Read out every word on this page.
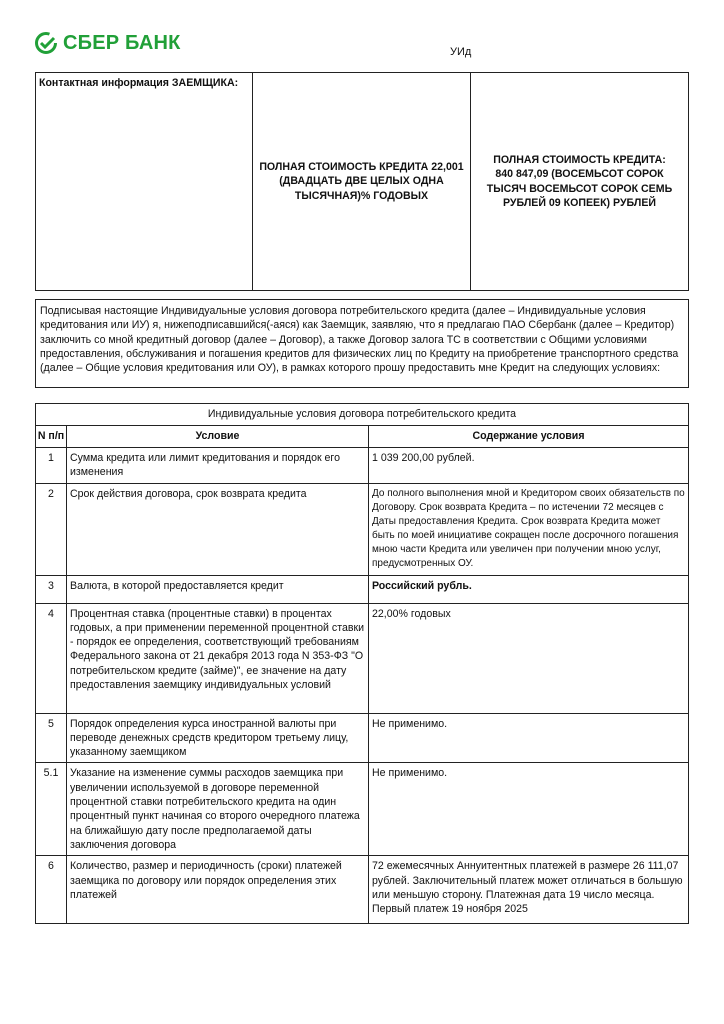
СБЕР БАНК	УИд
Контактная информация ЗАЕМЩИКА:
ПОЛНАЯ СТОИМОСТЬ КРЕДИТА 22,001 (ДВАДЦАТЬ ДВЕ ЦЕЛЫХ ОДНА ТЫСЯЧНАЯ)% ГОДОВЫХ
ПОЛНАЯ СТОИМОСТЬ КРЕДИТА: 840 847,09 (ВОСЕМЬСОТ СОРОК ТЫСЯЧ ВОСЕМЬСОТ СОРОК СЕМЬ РУБЛЕЙ 09 КОПЕЕК) РУБЛЕЙ
Подписывая настоящие Индивидуальные условия договора потребительского кредита (далее – Индивидуальные условия кредитования или ИУ) я, нижеподписавшийся(-аяся) как Заемщик, заявляю, что я предлагаю ПАО Сбербанк (далее – Кредитор) заключить со мной кредитный договор (далее – Договор), а также Договор залога ТС в соответствии с Общими условиями предоставления, обслуживания и погашения кредитов для физических лиц по Кредиту на приобретение транспортного средства (далее – Общие условия кредитования или ОУ), в рамках которого прошу предоставить мне Кредит на следующих условиях:
Индивидуальные условия договора потребительского кредита		
N п/п	Условие	Содержание условия
1	Сумма кредита или лимит кредитования и порядок его изменения	1 039 200,00 рублей.
2	Срок действия договора, срок возврата кредита	До полного выполнения мной и Кредитором своих обязательств по Договору. Срок возврата Кредита – по истечении 72 месяцев с Даты предоставления Кредита. Срок возврата Кредита может быть по моей инициативе сокращен после досрочного погашения мною части Кредита или увеличен при получении мною услуг, предусмотренных ОУ.
3	Валюта, в которой предоставляется кредит	Российский рубль.
4	Процентная ставка (процентные ставки) в процентах годовых, а при применении переменной процентной ставки - порядок ее определения, соответствующий требованиям Федерального закона от 21 декабря 2013 года N 353-ФЗ "О потребительском кредите (займе)", ее значение на дату предоставления заемщику индивидуальных условий	22,00% годовых
5	Порядок определения курса иностранной валюты при переводе денежных средств кредитором третьему лицу, указанному заемщиком	Не применимо.
5.1	Указание на изменение суммы расходов заемщика при увеличении используемой в договоре переменной процентной ставки потребительского кредита на один процентный пункт начиная со второго очередного платежа на ближайшую дату после предполагаемой даты заключения договора	Не применимо.
6	Количество, размер и периодичность (сроки) платежей заемщика по договору или порядок определения этих платежей	72 ежемесячных Аннуитентных платежей в размере 26 111,07 рублей. Заключительный платеж может отличаться в большую или меньшую сторону. Платежная дата 19 число месяца. Первый платеж 19 ноября 2025
